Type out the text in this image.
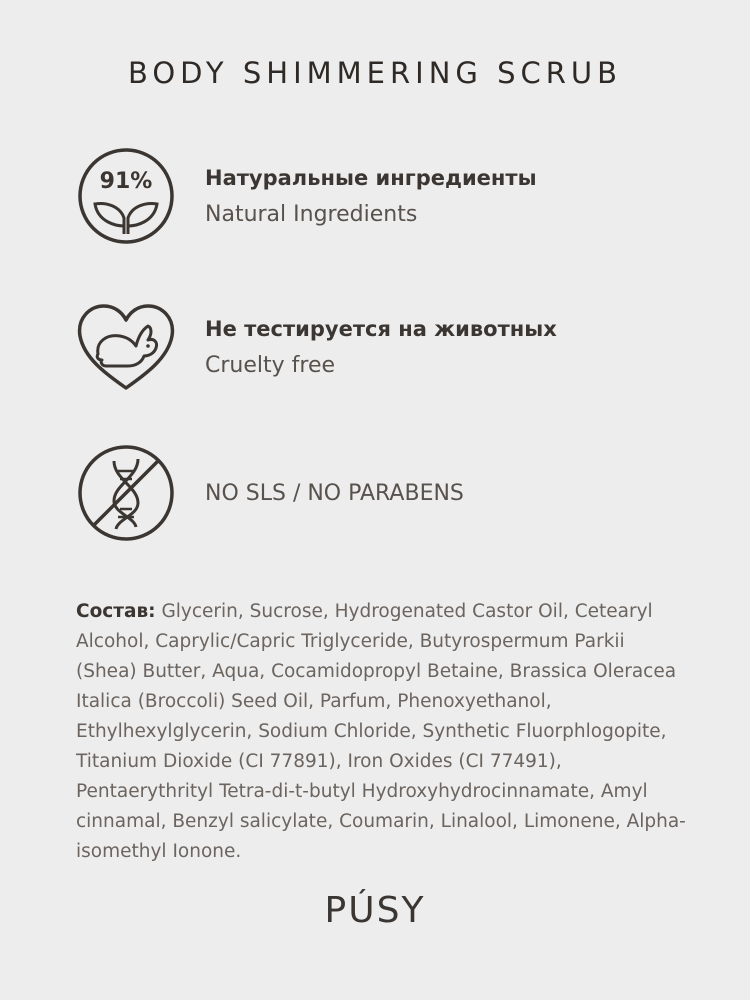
BODY SHIMMERING SCRUB
91%	Натуральные ингредиенты
Natural Ingredients
Не тестируется на животных
Cruelty free
NO SLS / NO PARABENS
Состав: Glycerin, Sucrose, Hydrogenated Castor Oil, Cetearyl Alcohol, Caprylic/Capric Triglyceride, Butyrospermum Parkii (Shea) Butter, Aqua, Cocamidopropyl Betaine, Brassica Oleracea Italica (Broccoli) Seed Oil, Parfum, Phenoxyethanol, Ethylhexylglycerin, Sodium Chloride, Synthetic Fluorphlogopite, Titanium Dioxide (CI 77891), Iron Oxides (CI 77491), Pentaerythrityl Tetra-di-t-butyl Hydroxyhydrocinnamate, Amyl cinnamal, Benzyl salicylate, Coumarin, Linalool, Limonene, Alpha-isomethyl Ionone.
PÚSY
